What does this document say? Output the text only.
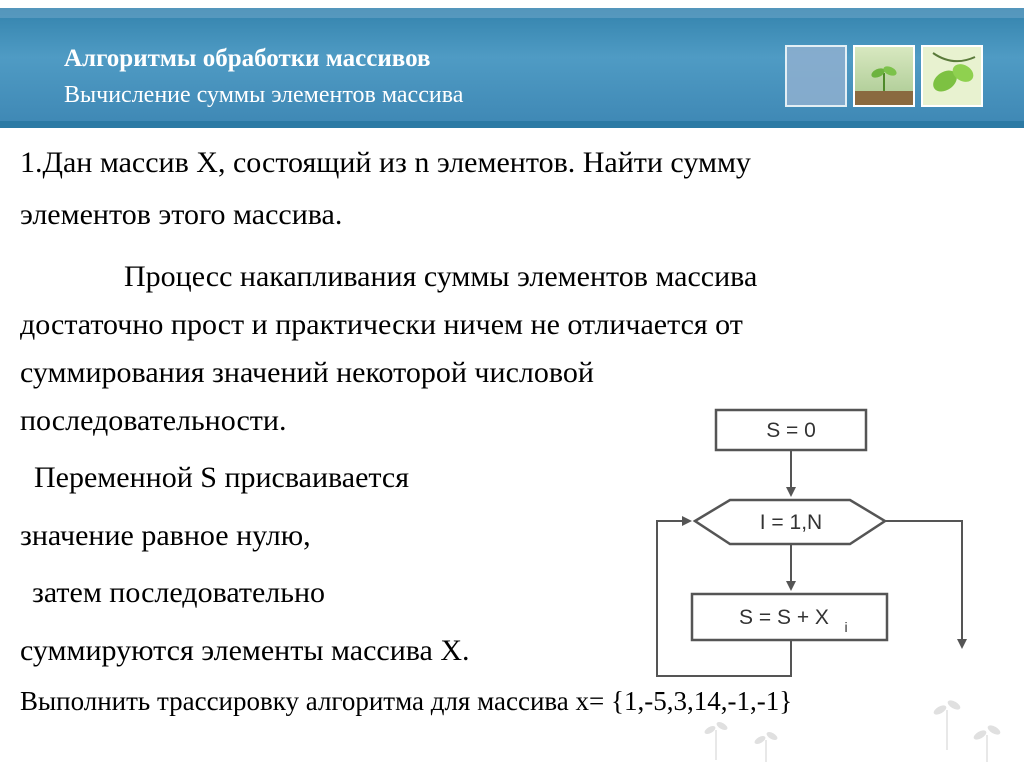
Алгоритмы обработки массивов
Вычисление суммы элементов массива
1.Дан массив X, состоящий из n элементов. Найти сумму
элементов этого массива.
Процесс накапливания суммы элементов массива
достаточно прост и практически ничем не отличается от
суммирования значений некоторой числовой
последовательности.
Переменной S присваивается
значение равное нулю,
затем последовательно
суммируются элементы массива X.
Выполнить трассировку алгоритма для массива x= {1,-5,3,14,-1,-1}
S = 0
I = 1,N
S = S + X i
